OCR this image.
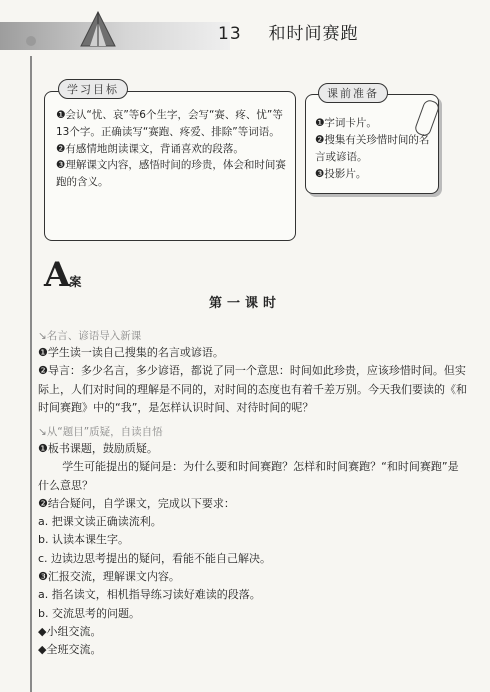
13 和时间赛跑
学习目标
❶会认“忧、哀”等6个生字，会写“赛、疼、忧”等13个字。正确读写“赛跑、疼爱、排除”等词语。
❷有感情地朗读课文，背诵喜欢的段落。
❸理解课文内容，感悟时间的珍贵，体会和时间赛跑的含义。
课前准备
❶字词卡片。
❷搜集有关珍惜时间的名言或谚语。
❸投影片。
A案
第一课时
↘名言、谚语导入新课

❶学生读一读自己搜集的名言或谚语。

❷导言：多少名言，多少谚语，都说了同一个意思：时间如此珍贵，应该珍惜时间。但实际上，人们对时间的理解是不同的，对时间的态度也有着千差万别。今天我们要读的《和时间赛跑》中的“我”，是怎样认识时间、对待时间的呢？

↘从“题目”质疑，自读自悟

❶板书课题，鼓励质疑。

学生可能提出的疑问是：为什么要和时间赛跑？怎样和时间赛跑？“和时间赛跑”是什么意思？

❷结合疑问，自学课文，完成以下要求：

a. 把课文读正确读流利。

b. 认读本课生字。

c. 边读边思考提出的疑问，看能不能自己解决。

❸汇报交流，理解课文内容。

a. 指名读文，相机指导练习读好难读的段落。

b. 交流思考的问题。

◆小组交流。

◆全班交流。
